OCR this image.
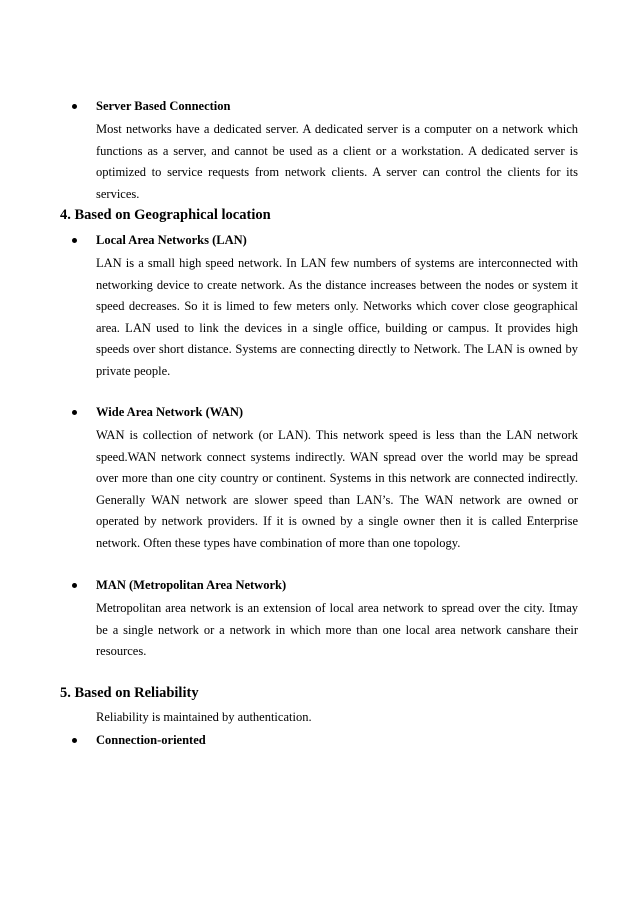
Server Based Connection

Most networks have a dedicated server. A dedicated server is a computer on a network which functions as a server, and cannot be used as a client or a workstation. A dedicated server is optimized to service requests from network clients. A server can control the clients for its services.

4. Based on Geographical location
Local Area Networks (LAN)

LAN is a small high speed network. In LAN few numbers of systems are interconnected with networking device to create network. As the distance increases between the nodes or system it speed decreases. So it is limed to few meters only. Networks which cover close geographical area. LAN used to link the devices in a single office, building or campus. It provides high speeds over short distance. Systems are connecting directly to Network. The LAN is owned by private people.

Wide Area Network (WAN)

WAN is collection of network (or LAN). This network speed is less than the LAN network speed.WAN network connect systems indirectly. WAN spread over the world may be spread over more than one city country or continent. Systems in this network are connected indirectly. Generally WAN network are slower speed than LAN’s. The WAN network are owned or operated by network providers. If it is owned by a single owner then it is called Enterprise network. Often these types have combination of more than one topology.

MAN (Metropolitan Area Network)

Metropolitan area network is an extension of local area network to spread over the city. Itmay be a single network or a network in which more than one local area network canshare their resources.

5. Based on Reliability
Reliability is maintained by authentication.
Connection-oriented
